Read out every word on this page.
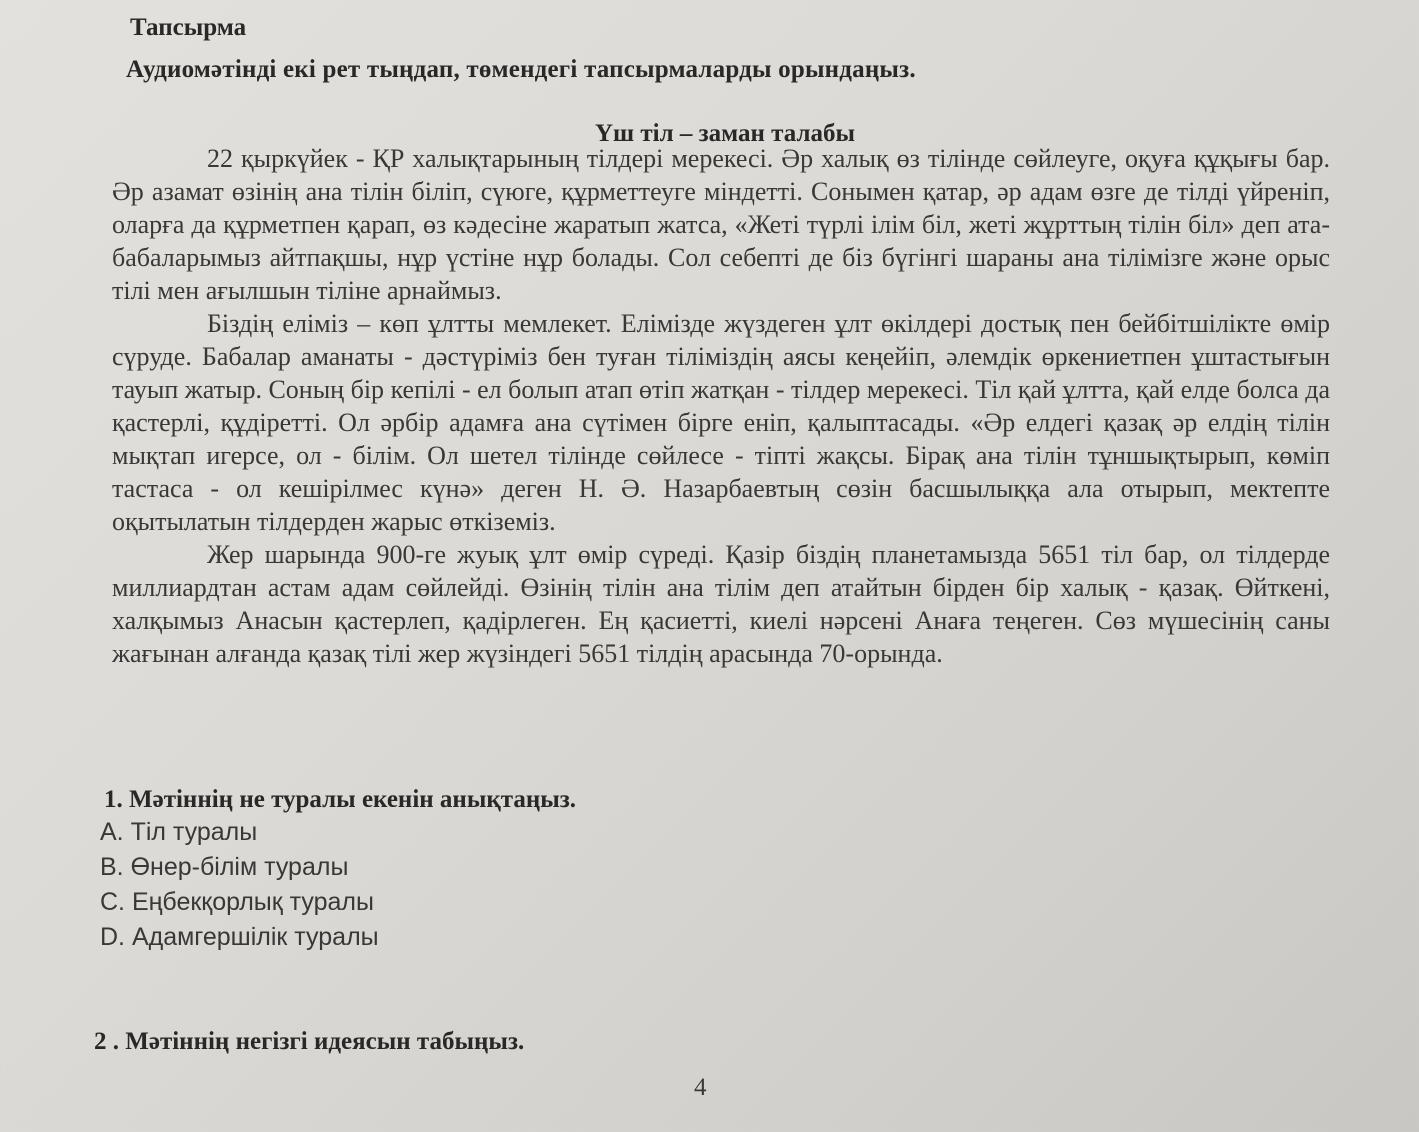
Тапсырма
Аудиомәтінді екі рет тыңдап, төмендегі тапсырмаларды орындаңыз.
Үш тіл – заман талабы

22 қыркүйек - ҚР халықтарының тілдері мерекесі. Әр халық өз тілінде сөйлеуге, оқуға құқығы бар. Әр азамат өзінің ана тілін біліп, сүюге, құрметтеуге міндетті. Сонымен қатар, әр адам өзге де тілді үйреніп, оларға да құрметпен қарап, өз кәдесіне жаратып жатса, «Жеті түрлі ілім біл, жеті жұрттың тілін біл» деп ата-бабаларымыз айтпақшы, нұр үстіне нұр болады. Сол себепті де біз бүгінгі шараны ана тілімізге және орыс тілі мен ағылшын тіліне арнаймыз.

Біздің еліміз – көп ұлтты мемлекет. Елімізде жүздеген ұлт өкілдері достық пен бейбітшілікте өмір сүруде. Бабалар аманаты - дәстүріміз бен туған тіліміздің аясы кеңейіп, әлемдік өркениетпен ұштастығын тауып жатыр. Соның бір кепілі - ел болып атап өтіп жатқан - тілдер мерекесі. Тіл қай ұлтта, қай елде болса да қастерлі, құдіретті. Ол әрбір адамға ана сүтімен бірге еніп, қалыптасады. «Әр елдегі қазақ әр елдің тілін мықтап игерсе, ол - білім. Ол шетел тілінде сөйлесе - тіпті жақсы. Бірақ ана тілін тұншықтырып, көміп тастаса - ол кешірілмес күнә» деген Н. Ә. Назарбаевтың сөзін басшылыққа ала отырып, мектепте оқытылатын тілдерден жарыс өткіземіз.

Жер шарында 900-ге жуық ұлт өмір сүреді. Қазір біздің планетамызда 5651 тіл бар, ол тілдерде миллиардтан астам адам сөйлейді. Өзінің тілін ана тілім деп атайтын бірден бір халық - қазақ. Өйткені, халқымыз Анасын қастерлеп, қадірлеген. Ең қасиетті, киелі нәрсені Анаға теңеген. Сөз мүшесінің саны жағынан алғанда қазақ тілі жер жүзіндегі 5651 тілдің арасында 70-орында.

1. Мәтіннің не туралы екенін анықтаңыз.
A. Тіл туралы
B. Өнер-білім туралы
C. Еңбекқорлық туралы
D. Адамгершілік туралы
2 . Мәтіннің негізгі идеясын табыңыз.
4
